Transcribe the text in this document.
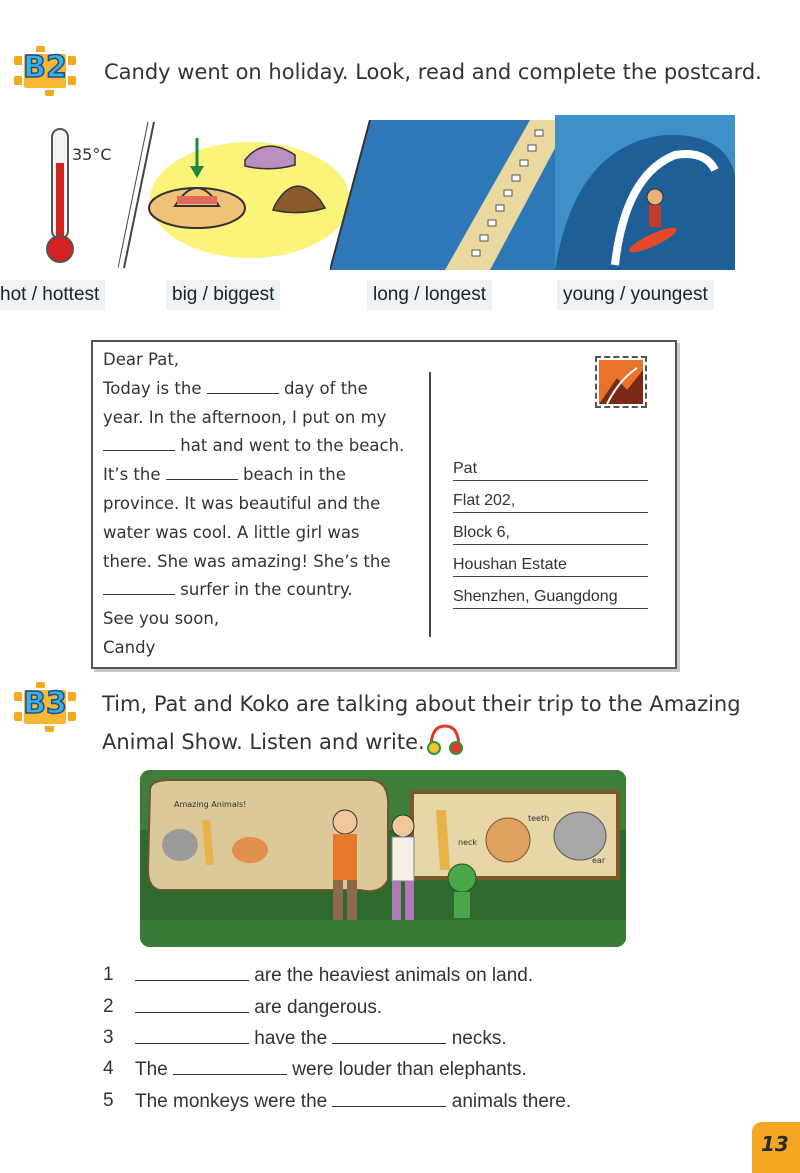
B2	Candy went on holiday. Look, read and complete the postcard.
35°C
hot / hottest	big / biggest	long / longest	young / youngest
Dear Pat,
Today is the	day of the
year. In the afternoon, I put on my
hat and went to the beach.
It’s the	beach in the
province. It was beautiful and the
water was cool. A little girl was
there. She was amazing! She’s the
surfer in the country.
See you soon,
Candy
Pat
Flat 202,
Block 6,
Houshan Estate
Shenzhen, Guangdong
B3	Tim, Pat and Koko are talking about their trip to the Amazing
Animal Show. Listen and write.
Amazing Animals!
teeth
neck
ear
1	are the heaviest animals on land.
2	are dangerous.
3	have the	necks.
4 The	were louder than elephants.
5 The monkeys were the	animals there.
13
